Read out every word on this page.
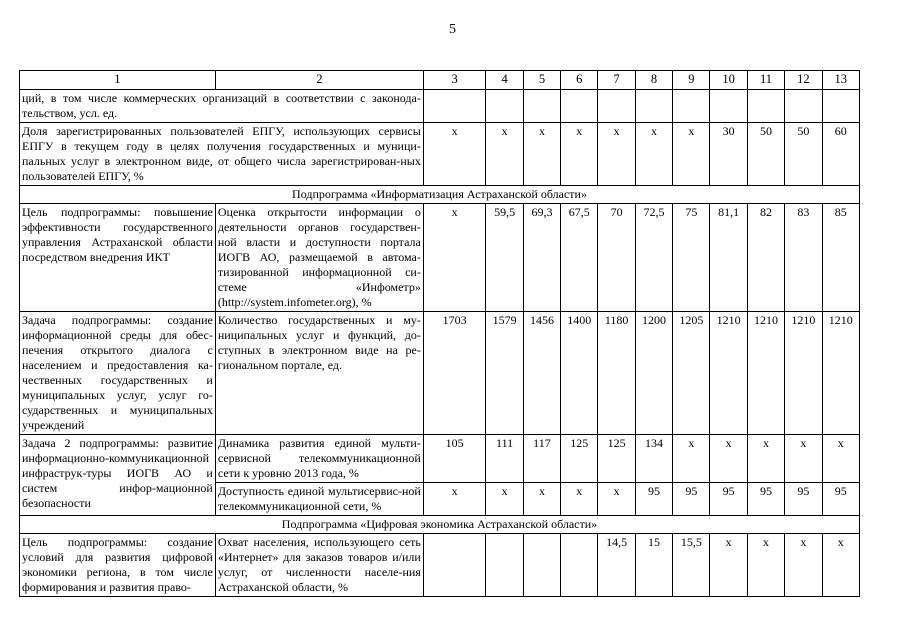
5
1	2	3	4	5	6	7	8	9	10	11	12	13
ций, в том числе коммерческих организаций в соответствии с законода-тельством, усл. ед.												
Доля зарегистрированных пользователей ЕПГУ, использующих сервисы ЕПГУ в текущем году в целях получения государственных и муници-пальных услуг в электронном виде, от общего числа зарегистрирован-ных пользователей ЕПГУ, %		х	х	х	х	х	х	х	30	50	50	60
Подпрограмма «Информатизация Астраханской области»												
Цель подпрограммы: повышение эффективности государственного управления Астраханской области посредством внедрения ИКТ	Оценка открытости информации о деятельности органов государствен-ной власти и доступности портала ИОГВ АО, размещаемой в автома-тизированной информационной си-стеме «Инфометр» (http://system.infometer.org), %	х	59,5	69,3	67,5	70	72,5	75	81,1	82	83	85
Задача подпрограммы: создание информационной среды для обес-печения открытого диалога с населением и предоставления ка-чественных государственных и муниципальных услуг, услуг го-сударственных и муниципальных учреждений	Количество государственных и му-ниципальных услуг и функций, до-ступных в электронном виде на ре-гиональном портале, ед.	1703	1579	1456	1400	1180	1200	1205	1210	1210	1210	1210
Задача 2 подпрограммы: развитие информационно-коммуникационной инфраструк-туры ИОГВ АО и систем инфор-мационной безопасности	Динамика развития единой мульти-сервисной телекоммуникационной сети к уровню 2013 года, %	105	111	117	125	125	134	х	х	х	х	х
	Доступность единой мультисервис-ной телекоммуникационной сети, %	х	х	х	х	х	95	95	95	95	95	95
Подпрограмма «Цифровая экономика Астраханской области»												
Цель подпрограммы: создание условий для развития цифровой экономики региона, в том числе формирования и развития право-	Охват населения, использующего сеть «Интернет» для заказов товаров и/или услуг, от численности населе-ния Астраханской области, %					14,5	15	15,5	х	х	х	х
